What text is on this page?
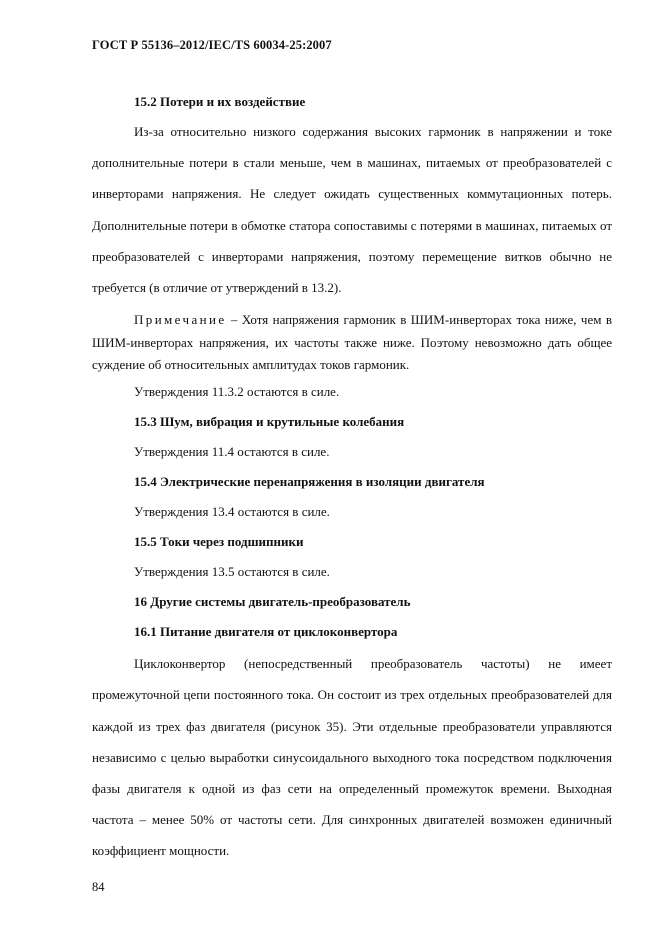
ГОСТ Р 55136–2012/IEC/TS 60034-25:2007

15.2 Потери и их воздействие

Из-за относительно низкого содержания высоких гармоник в напряжении и токе дополнительные потери в стали меньше, чем в машинах, питаемых от преобразователей с инверторами напряжения. Не следует ожидать существенных коммутационных потерь. Дополнительные потери в обмотке статора сопоставимы с потерями в машинах, питаемых от преобразователей с инверторами напряжения, поэтому перемещение витков обычно не требуется (в отличие от утверждений в 13.2).

Примечание – Хотя напряжения гармоник в ШИМ-инверторах тока ниже, чем в ШИМ-инверторах напряжения, их частоты также ниже. Поэтому невозможно дать общее суждение об относительных амплитудах токов гармоник.

Утверждения 11.3.2 остаются в силе.

15.3 Шум, вибрация и крутильные колебания

Утверждения 11.4 остаются в силе.

15.4 Электрические перенапряжения в изоляции двигателя

Утверждения 13.4 остаются в силе.

15.5 Токи через подшипники

Утверждения 13.5 остаются в силе.

16 Другие системы двигатель-преобразователь

16.1 Питание двигателя от циклоконвертора

Циклоконвертор (непосредственный преобразователь частоты) не имеет промежуточной цепи постоянного тока. Он состоит из трех отдельных преобразователей для каждой из трех фаз двигателя (рисунок 35). Эти отдельные преобразователи управляются независимо с целью выработки синусоидального выходного тока посредством подключения фазы двигателя к одной из фаз сети на определенный промежуток времени. Выходная частота – менее 50% от частоты сети. Для синхронных двигателей возможен единичный коэффициент мощности.

84
